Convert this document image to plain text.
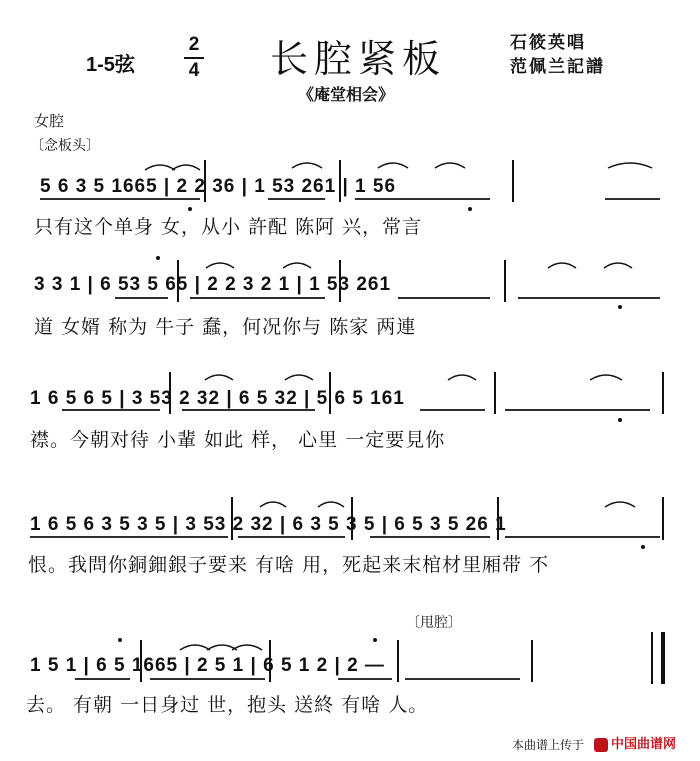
1-5弦
2
4 长腔紧板	石筱英唱
范佩兰記譜
《庵堂相会》
女腔
〔念板头〕
〔甩腔〕
5 6 3 5 1665 | 2 2 36 | 1 53 261 | 1 56
只有这个单身 女，从小 許配 陈阿 兴，常言
3 3 1 | 6 53 5 65 | 2 2 3 2 1 | 1 53 261
道 女婿 称为 牛子 蠢，何况你与 陈家 两連
1 6 5 6 5 | 3 53 2 32 | 6 5 32 | 5 6 5 161
襟。今朝对待 小輩 如此 样， 心里 一定要見你
1 6 5 6 3 5 3 5 | 3 53 2 32 | 6 3 5 3 5 | 6 5 3 5 26 1
恨。我問你銅鈿銀子要来 有啥 用，死起来末棺材里厢带 不
1 5 1 | 6 5 1665 | 2 5 1 | 6 5 1 2 | 2 —
去。 有朝 一日身过 世，抱头 送終 有啥 人。
本曲谱上传于	中国曲谱网
